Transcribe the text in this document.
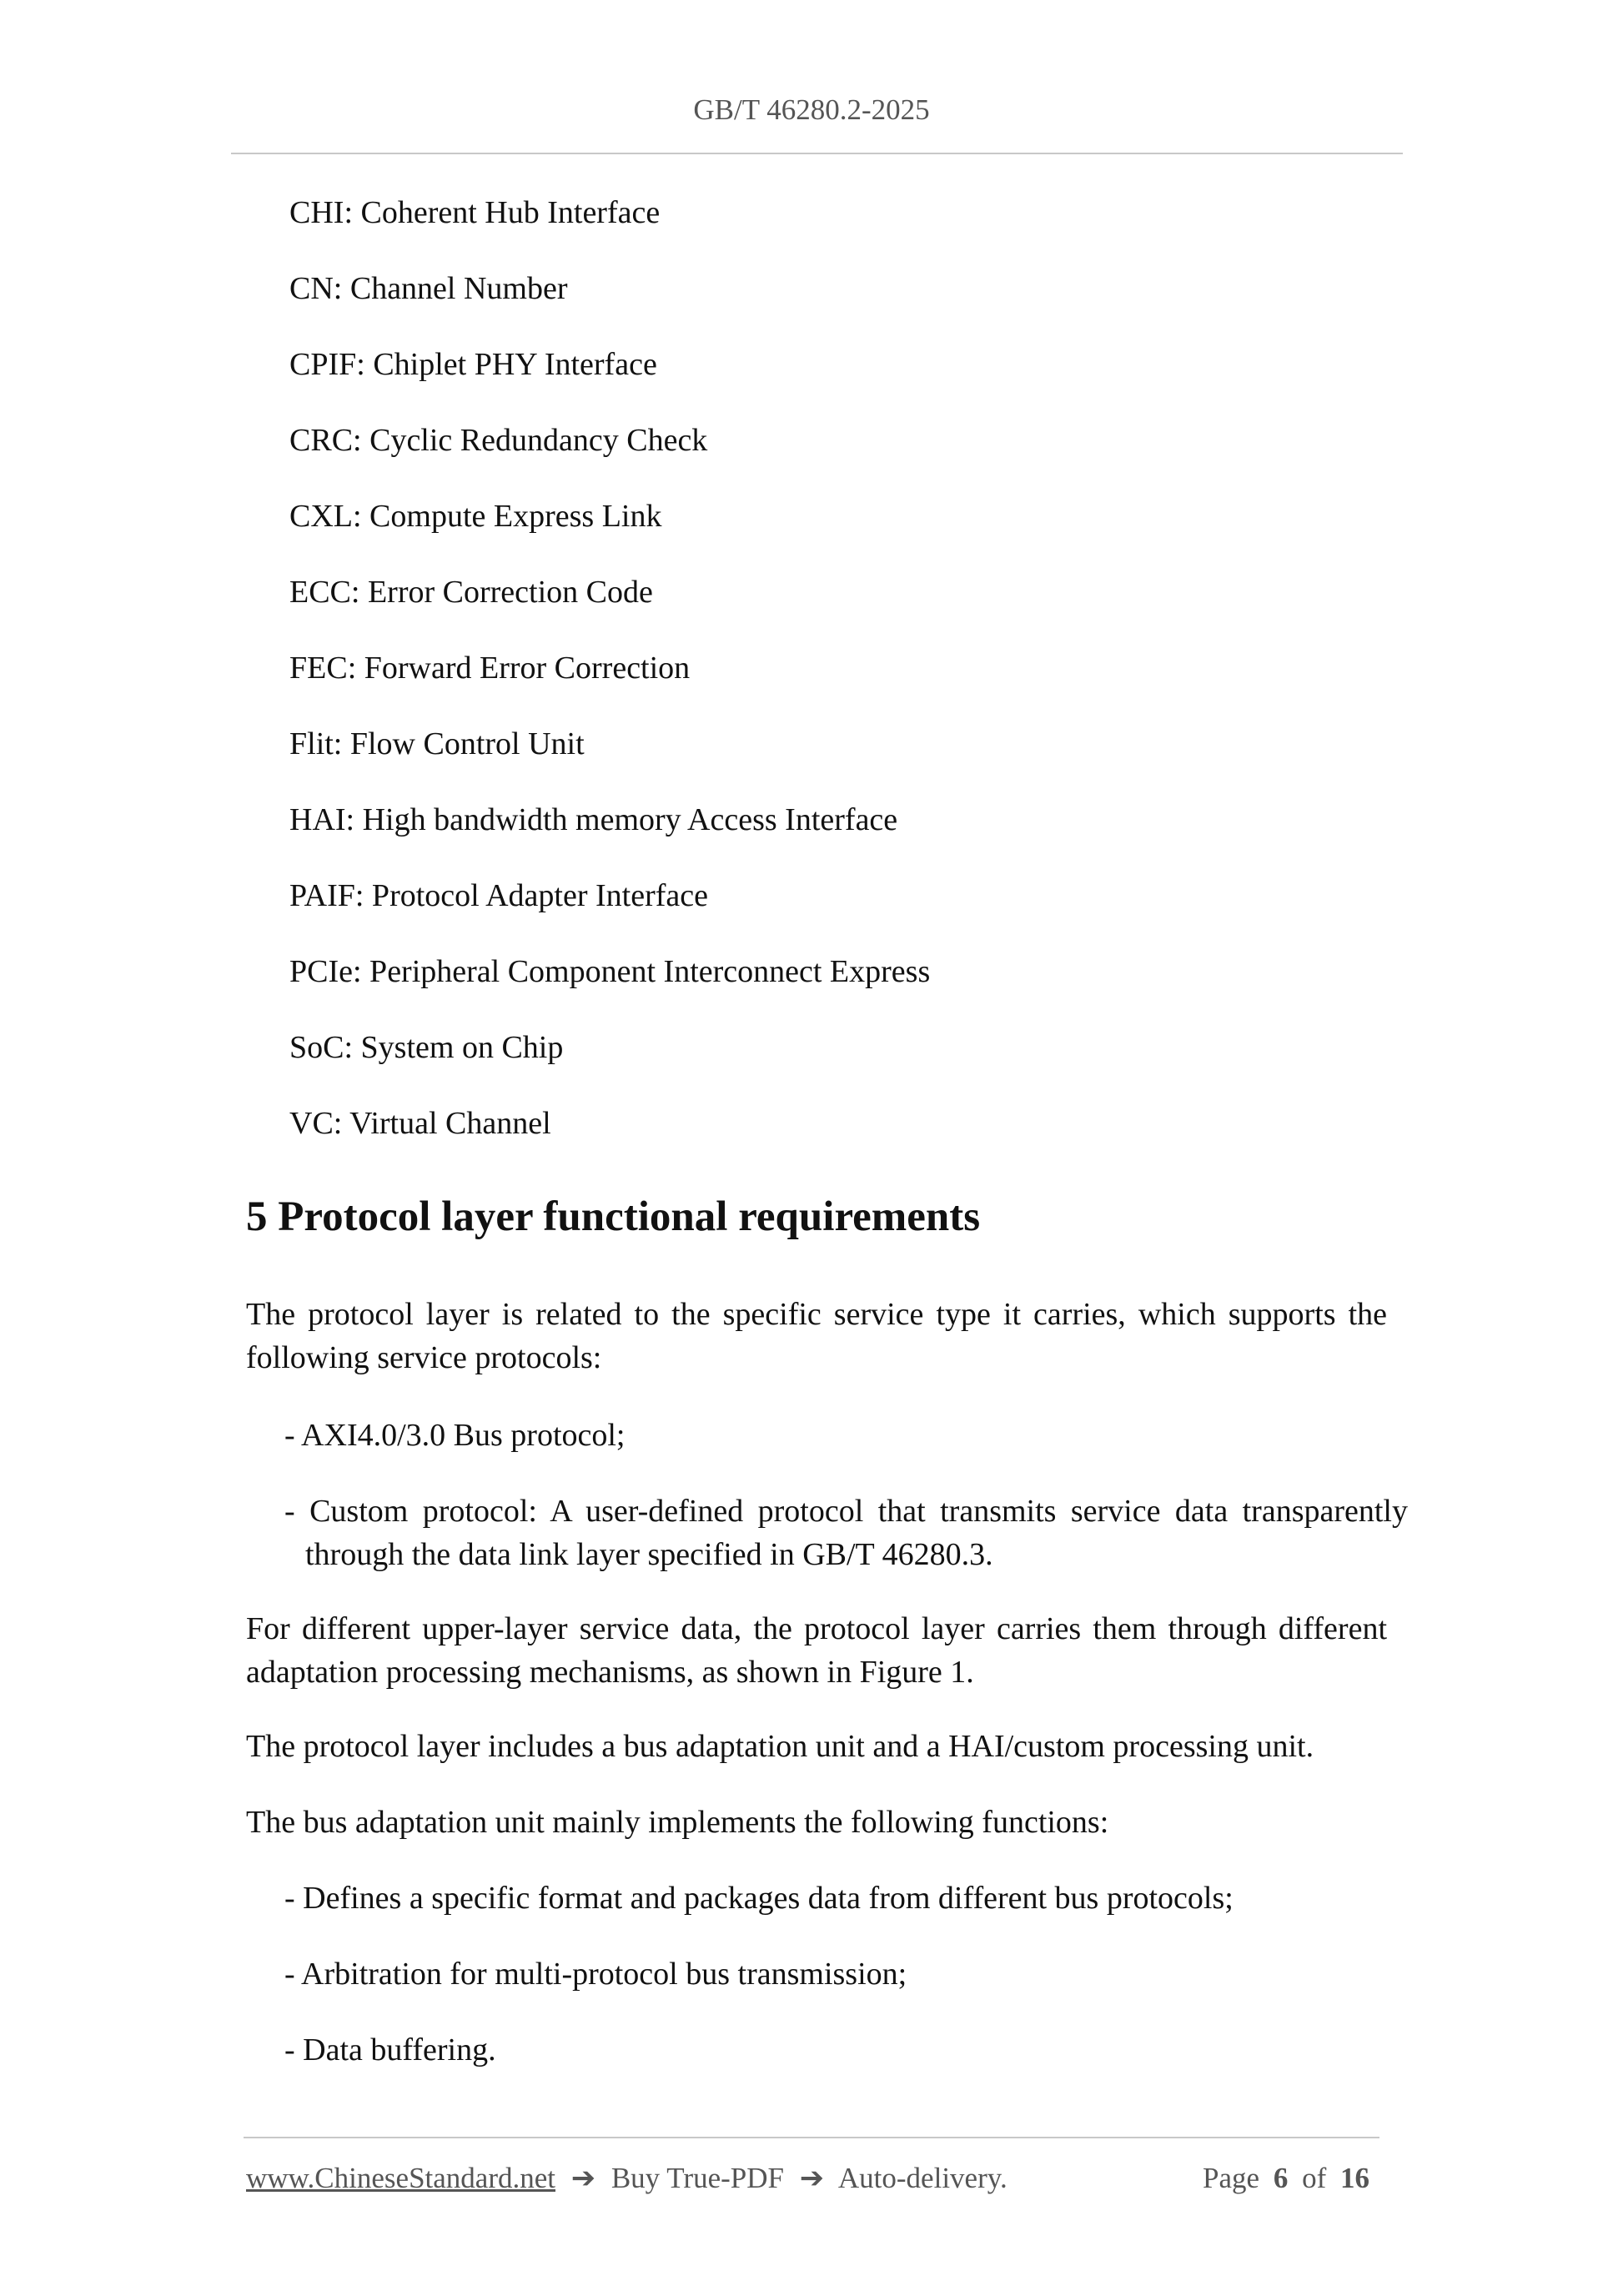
GB/T 46280.2-2025
CHI: Coherent Hub Interface
CN: Channel Number
CPIF: Chiplet PHY Interface
CRC: Cyclic Redundancy Check
CXL: Compute Express Link
ECC: Error Correction Code
FEC: Forward Error Correction
Flit: Flow Control Unit
HAI: High bandwidth memory Access Interface
PAIF: Protocol Adapter Interface
PCIe: Peripheral Component Interconnect Express
SoC: System on Chip
VC: Virtual Channel
5 Protocol layer functional requirements
The protocol layer is related to the specific service type it carries, which supports the following service protocols:
- AXI4.0/3.0 Bus protocol;
- Custom protocol: A user-defined protocol that transmits service data transparently through the data link layer specified in GB/T 46280.3.
For different upper-layer service data, the protocol layer carries them through different adaptation processing mechanisms, as shown in Figure 1.
The protocol layer includes a bus adaptation unit and a HAI/custom processing unit.
The bus adaptation unit mainly implements the following functions:
- Defines a specific format and packages data from different bus protocols;
- Arbitration for multi-protocol bus transmission;
- Data buffering.
www.ChineseStandard.net ➔ Buy True-PDF ➔ Auto-delivery.	Page 6 of 16
